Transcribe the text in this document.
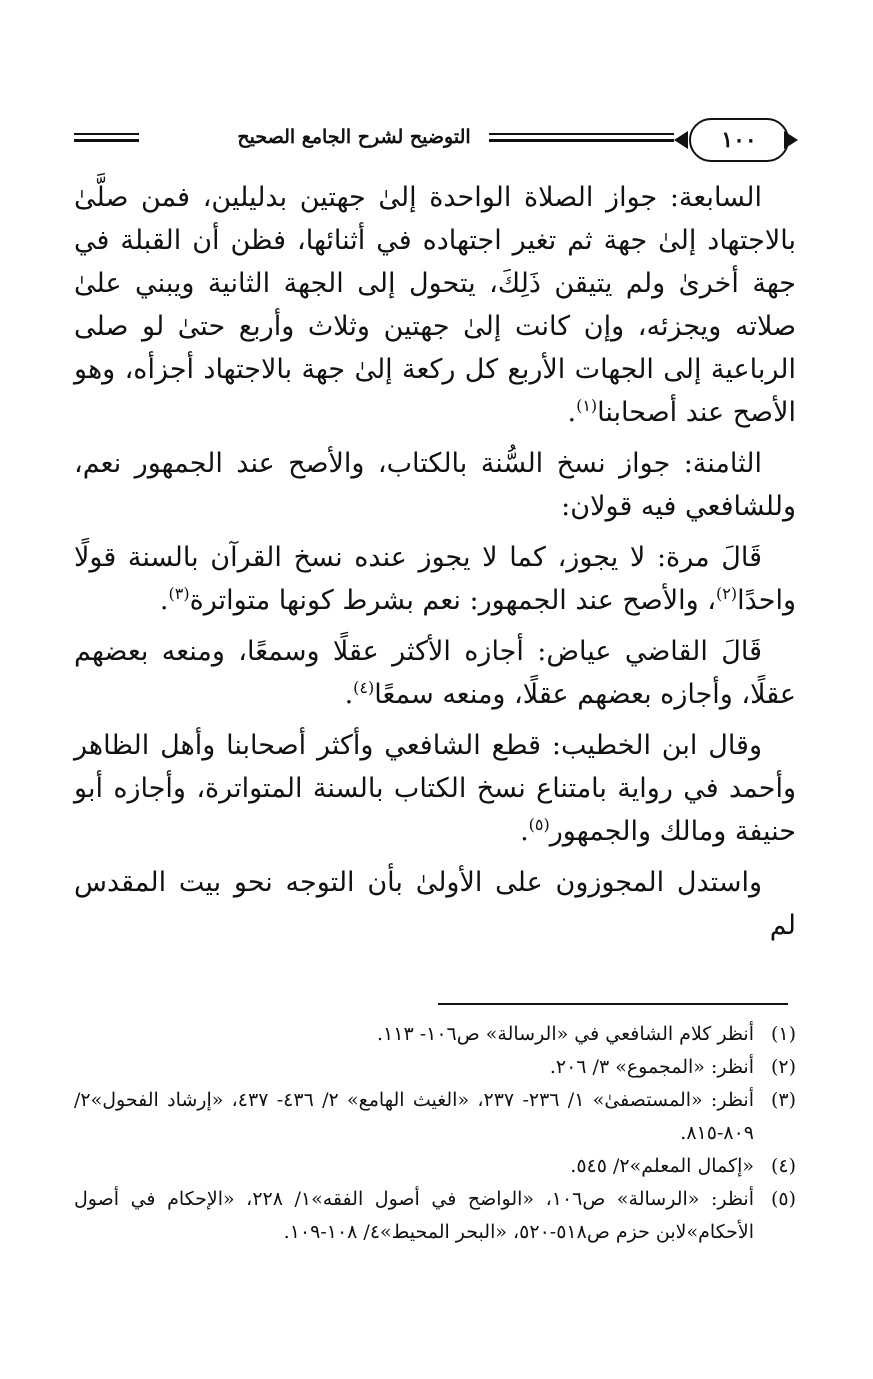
التوضيح لشرح الجامع الصحيح	١٠٠

السابعة: جواز الصلاة الواحدة إلىٰ جهتين بدليلين، فمن صلَّىٰ بالاجتهاد إلىٰ جهة ثم تغير اجتهاده في أثنائها، فظن أن القبلة في جهة أخرىٰ ولم يتيقن ذَلِكَ، يتحول إلى الجهة الثانية ويبني علىٰ صلاته ويجزئه، وإن كانت إلىٰ جهتين وثلاث وأربع حتىٰ لو صلى الرباعية إلى الجهات الأربع كل ركعة إلىٰ جهة بالاجتهاد أجزأه، وهو الأصح عند أصحابنا$^{(١)}$.

الثامنة: جواز نسخ السُّنة بالكتاب، والأصح عند الجمهور نعم، وللشافعي فيه قولان:

قَالَ مرة: لا يجوز، كما لا يجوز عنده نسخ القرآن بالسنة قولًا واحدًا$^{(٢)}$، والأصح عند الجمهور: نعم بشرط كونها متواترة$^{(٣)}$.

قَالَ القاضي عياض: أجازه الأكثر عقلًا وسمعًا، ومنعه بعضهم عقلًا، وأجازه بعضهم عقلًا، ومنعه سمعًا$^{(٤)}$.

وقال ابن الخطيب: قطع الشافعي وأكثر أصحابنا وأهل الظاهر وأحمد في رواية بامتناع نسخ الكتاب بالسنة المتواترة، وأجازه أبو حنيفة ومالك والجمهور$^{(٥)}$.

واستدل المجوزون على الأولىٰ بأن التوجه نحو بيت المقدس لم

(١)
أنظر كلام الشافعي في «الرسالة» ص١٠٦- ١١٣.
(٢)
أنظر: «المجموع» ٣/ ٢٠٦.
(٣)
أنظر: «المستصفىٰ» ١/ ٢٣٦- ٢٣٧، «الغيث الهامع» ٢/ ٤٣٦- ٤٣٧، «إرشاد الفحول»٢/ ٨٠٩-٨١٥.
(٤)
«إكمال المعلم»٢/ ٥٤٥.
(٥)
أنظر: «الرسالة» ص١٠٦، «الواضح في أصول الفقه»١/ ٢٢٨، «الإحكام في أصول الأحكام»لابن حزم ص٥١٨-٥٢٠، «البحر المحيط»٤/ ١٠٨-١٠٩.
